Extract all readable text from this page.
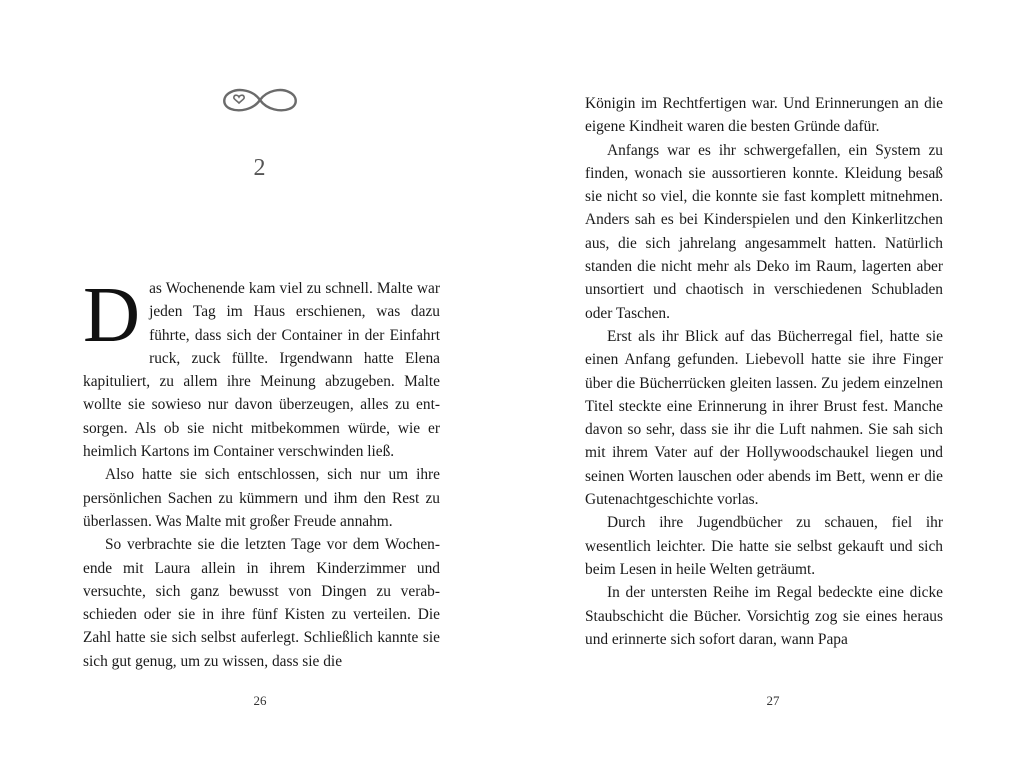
2

Das Wochenende kam viel zu schnell. Malte war jeden Tag im Haus erschienen, was dazu führte, dass sich der Container in der Einfahrt ruck, zuck füllte. Irgendwann hatte Elena kapituliert, zu allem ihre Meinung abzugeben. Malte wollte sie sowieso nur davon überzeugen, alles zu entsorgen. Als ob sie nicht mitbekommen würde, wie er heimlich Kartons im Container verschwinden ließ.

Also hatte sie sich entschlossen, sich nur um ihre persönlichen Sachen zu kümmern und ihm den Rest zu überlassen. Was Malte mit großer Freude annahm.

So verbrachte sie die letzten Tage vor dem Wochenende mit Laura allein in ihrem Kinderzimmer und versuchte, sich ganz bewusst von Dingen zu verabschieden oder sie in ihre fünf Kisten zu verteilen. Die Zahl hatte sie sich selbst auferlegt. Schließlich kannte sie sich gut genug, um zu wissen, dass sie die

26

Königin im Rechtfertigen war. Und Erinnerungen an die eigene Kindheit waren die besten Gründe dafür.

Anfangs war es ihr schwergefallen, ein System zu finden, wonach sie aussortieren konnte. Kleidung besaß sie nicht so viel, die konnte sie fast komplett mitnehmen. Anders sah es bei Kinderspielen und den Kinkerlitzchen aus, die sich jahrelang angesammelt hatten. Natürlich standen die nicht mehr als Deko im Raum, lagerten aber unsortiert und chaotisch in verschiedenen Schubladen oder Taschen.

Erst als ihr Blick auf das Bücherregal fiel, hatte sie einen Anfang gefunden. Liebevoll hatte sie ihre Finger über die Bücherrücken gleiten lassen. Zu jedem einzelnen Titel steckte eine Erinnerung in ihrer Brust fest. Manche davon so sehr, dass sie ihr die Luft nahmen. Sie sah sich mit ihrem Vater auf der Hollywoodschaukel liegen und seinen Worten lauschen oder abends im Bett, wenn er die Gutenachtgeschichte vorlas.

Durch ihre Jugendbücher zu schauen, fiel ihr wesentlich leichter. Die hatte sie selbst gekauft und sich beim Lesen in heile Welten geträumt.

In der untersten Reihe im Regal bedeckte eine dicke Staubschicht die Bücher. Vorsichtig zog sie eines heraus und erinnerte sich sofort daran, wann Papa

27
